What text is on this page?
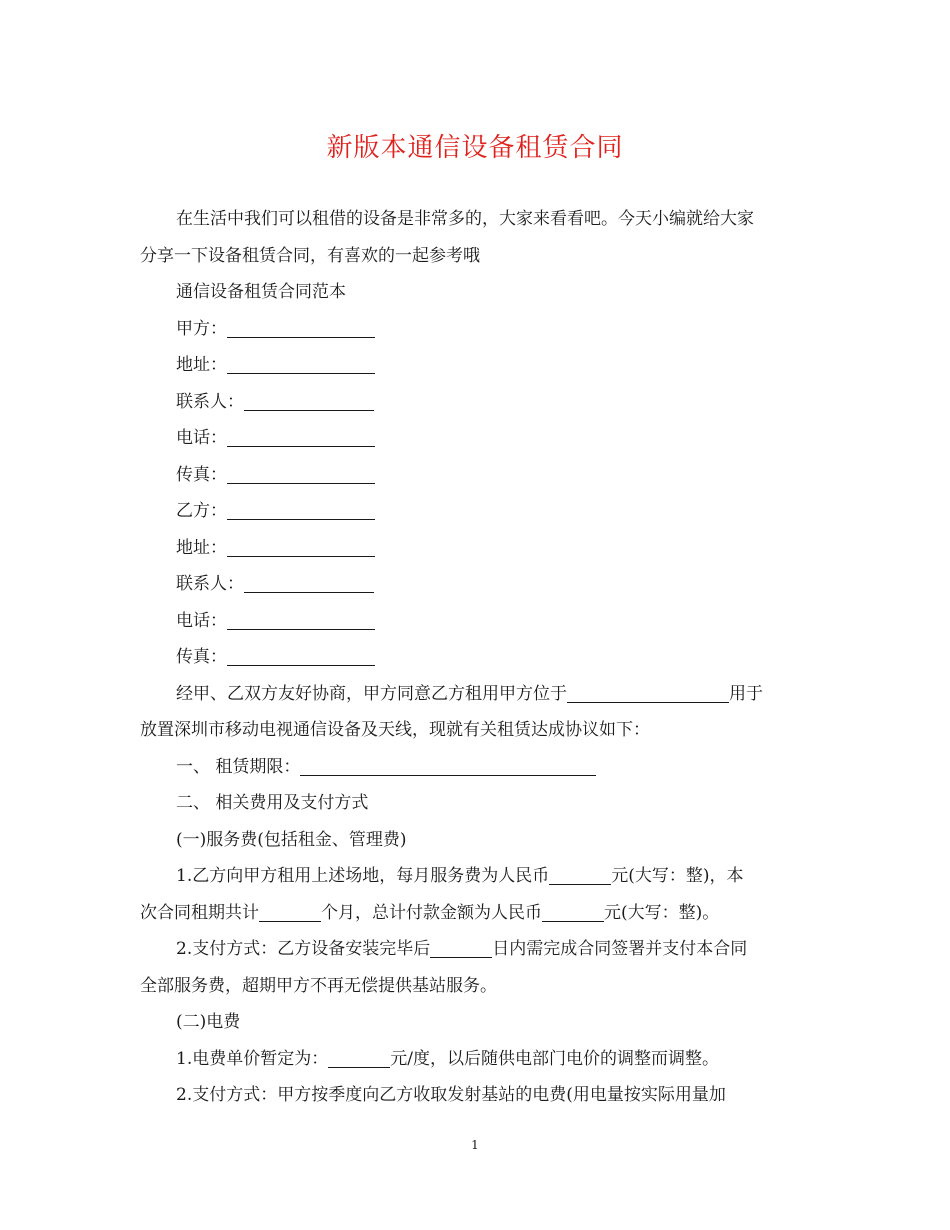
新版本通信设备租赁合同

在生活中我们可以租借的设备是非常多的，大家来看看吧。今天小编就给大家

分享一下设备租赁合同，有喜欢的一起参考哦

通信设备租赁合同范本

甲方：

地址：

联系人：

电话：

传真：

乙方：

地址：

联系人：

电话：

传真：

经甲、乙双方友好协商，甲方同意乙方租用甲方位于	用于

放置深圳市移动电视通信设备及天线，现就有关租赁达成协议如下：

一、 租赁期限：

二、 相关费用及支付方式

(一)服务费(包括租金、管理费)

1.乙方向甲方租用上述场地，每月服务费为人民币	元(大写：整)，本

次合同租期共计	个月，总计付款金额为人民币	元(大写：整)。

2.支付方式：乙方设备安装完毕后	日内需完成合同签署并支付本合同

全部服务费，超期甲方不再无偿提供基站服务。

(二)电费

1.电费单价暂定为：	元/度，以后随供电部门电价的调整而调整。

2.支付方式：甲方按季度向乙方收取发射基站的电费(用电量按实际用量加

1
